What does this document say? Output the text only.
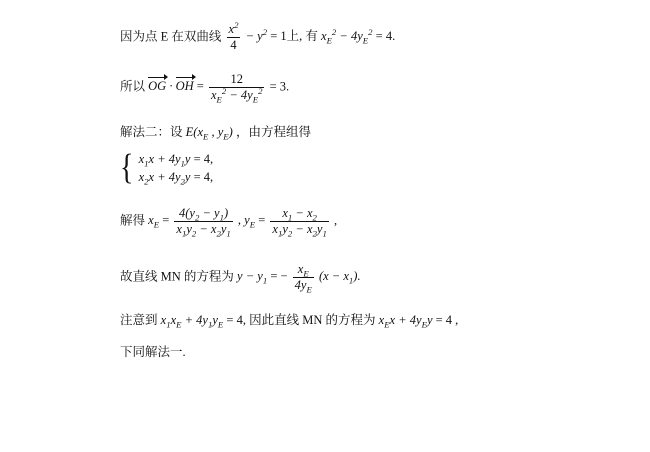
因为点 E 在双曲线 $\frac{x^2}{4} - y^2 = 1$上, 有 $x_E^2 - 4y_E^2 = 4$.
所以 OG · OH = $\frac{12}{x_E^2 - 4y_E^2} = 3$.
解法二：设 $E(x_E$ , $y_E$) ，由方程组得
{ $x_1x + 4y_1y = 4$,
$x_2x + 4y_2y = 4$,
解得 $x_E = \frac{4(y_2 - y_1)}{x_1y_2 - x_2y_1}$ , $y_E = \frac{x_1 - x_2}{x_1y_2 - x_2y_1}$ ,
故直线 MN 的方程为 $y - y_1$ = − $\frac{x_E}{4y_E} (x - x_1)$.
注意到 $x_1x_E + 4y_1y_E = 4$, 因此直线 MN 的方程为 $x_Ex + 4y_Ey = 4$ ,
下同解法一.
